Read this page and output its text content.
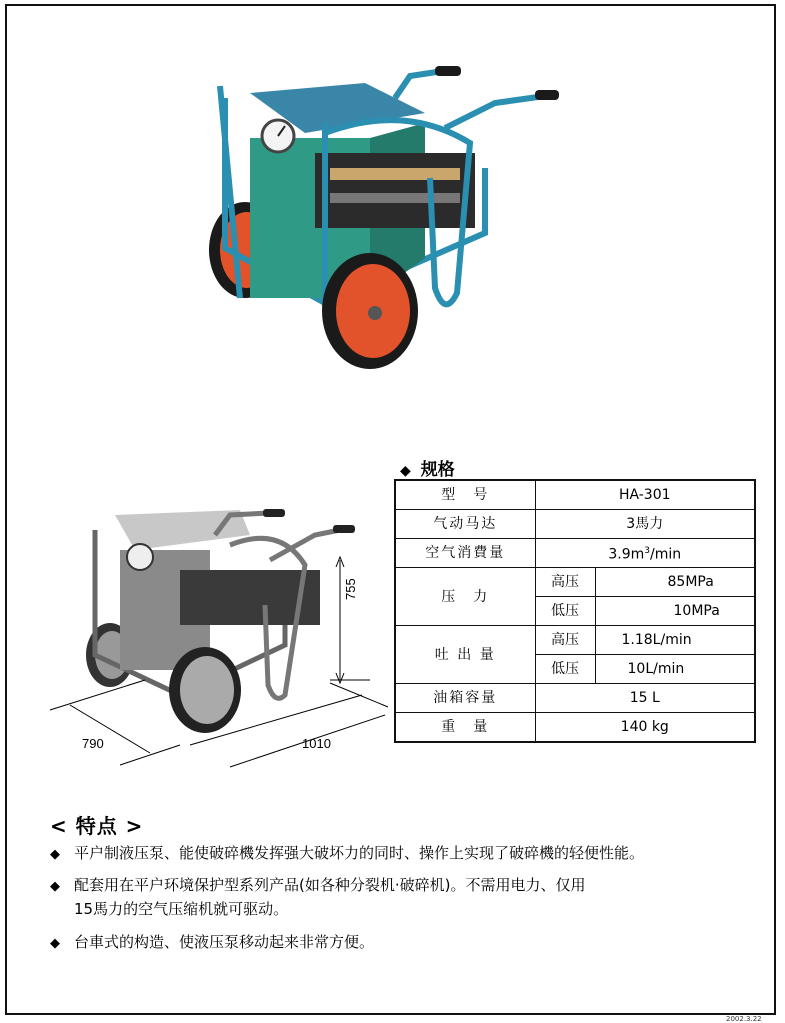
755
790	1010
◆ 规格
型　号	HA-301	
气动马达	3馬力	
空气消費量	$3.9m^3/\min$	
压　力	高压	85MPa
	低压	10MPa
吐 出 量	高压	1.18L/min
	低压	10L/min
油箱容量	15 L	
重　量	140 kg	
< 特点 >
◆ 平户制液压泵、能使破碎機发挥强大破坏力的同时、操作上实现了破碎機的轻便性能。
◆ 配套用在平户环境保护型系列产品(如各种分裂机·破碎机)。不需用电力、仅用
15馬力的空气压缩机就可驱动。
◆ 台車式的构造、使液压泵移动起来非常方便。
2002.3.22
